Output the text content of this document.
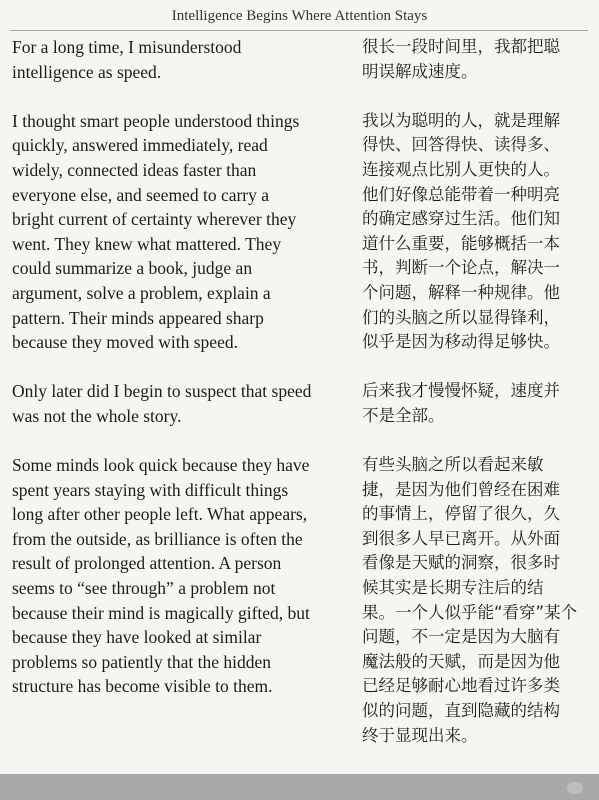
Intelligence Begins Where Attention Stays

For a long time, I misunderstood
intelligence as speed.

I thought smart people understood things
quickly, answered immediately, read
widely, connected ideas faster than
everyone else, and seemed to carry a
bright current of certainty wherever they
went. They knew what mattered. They
could summarize a book, judge an
argument, solve a problem, explain a
pattern. Their minds appeared sharp
because they moved with speed.

Only later did I begin to suspect that speed
was not the whole story.

Some minds look quick because they have
spent years staying with difficult things
long after other people left. What appears,
from the outside, as brilliance is often the
result of prolonged attention. A person
seems to “see through” a problem not
because their mind is magically gifted, but
because they have looked at similar
problems so patiently that the hidden
structure has become visible to them.

很长一段时间里，我都把聪
明误解成速度。

我以为聪明的人，就是理解
得快、回答得快、读得多、
连接观点比别人更快的人。
他们好像总能带着一种明亮
的确定感穿过生活。他们知
道什么重要，能够概括一本
书，判断一个论点，解决一
个问题，解释一种规律。他
们的头脑之所以显得锋利，
似乎是因为移动得足够快。

后来我才慢慢怀疑，速度并
不是全部。

有些头脑之所以看起来敏
捷，是因为他们曾经在困难
的事情上，停留了很久，久
到很多人早已离开。从外面
看像是天赋的洞察，很多时
候其实是长期专注后的结
果。一个人似乎能“看穿”某个
问题，不一定是因为大脑有
魔法般的天赋，而是因为他
已经足够耐心地看过许多类
似的问题，直到隐藏的结构
终于显现出来。
